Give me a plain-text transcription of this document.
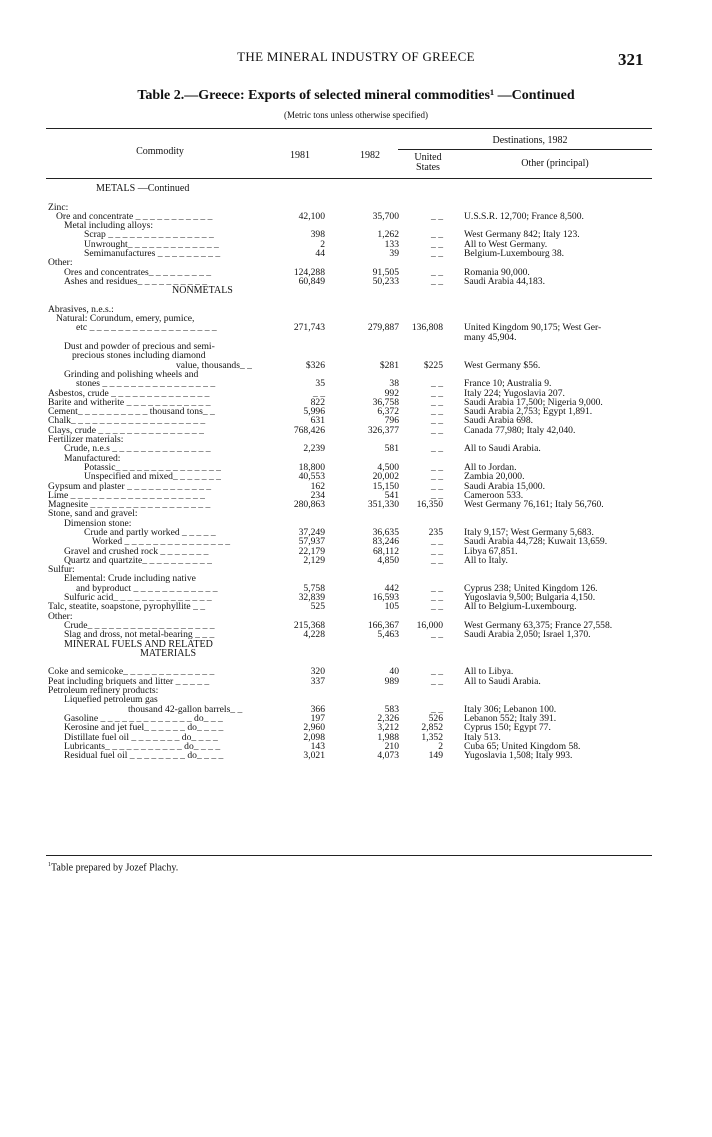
THE MINERAL INDUSTRY OF GREECE	321
Table 2.—Greece: Exports of selected mineral commodities¹ —Continued
(Metric tons unless otherwise specified)
Commodity	1981	1982
Destinations, 1982
United States	Other (principal)
METALS —Continued
Zinc:
Ore and concentrate _ _ _ _ _ _ _ _ _ _ _	42,100	35,700	_ _ U.S.S.R. 12,700; France 8,500.
Metal including alloys:
Scrap _ _ _ _ _ _ _ _ _ _ _ _ _ _ _	398	1,262	_ _ West Germany 842; Italy 123.
Unwrought_ _ _ _ _ _ _ _ _ _ _ _ _	2	133	_ _ All to West Germany.
Semimanufactures _ _ _ _ _ _ _ _ _	44	39	_ _ Belgium-Luxembourg 38.
Other:
Ores and concentrates_ _ _ _ _ _ _ _ _	124,288	91,505	_ _ Romania 90,000.
Ashes and residues_ _ _ _ _ _ _ _ _ _	60,849	50,233	_ _ Saudi Arabia 44,183.
NONMETALS
Abrasives, n.e.s.:
Natural: Corundum, emery, pumice,
etc _ _ _ _ _ _ _ _ _ _ _ _ _ _ _ _ _ _	271,743	279,887	136,808 United Kingdom 90,175; West Ger-
many 45,904.
Dust and powder of precious and semi-
precious stones including diamond
value, thousands_ _	$326	$281	$225 West Germany $56.
Grinding and polishing wheels and
stones _ _ _ _ _ _ _ _ _ _ _ _ _ _ _ _	35	38	_ _ France 10; Australia 9.
Asbestos, crude _ _ _ _ _ _ _ _ _ _ _ _ _ _	_ _	992	_ _ Italy 224; Yugoslavia 207.
Barite and witherite _ _ _ _ _ _ _ _ _ _ _ _	822	36,758	_ _ Saudi Arabia 17,500; Nigeria 9,000.
Cement_ _ _ _ _ _ _ _ _ _ thousand tons_ _	5,996	6,372	_ _ Saudi Arabia 2,753; Egypt 1,891.
Chalk_ _ _ _ _ _ _ _ _ _ _ _ _ _ _ _ _ _ _	631	796	_ _ Saudi Arabia 698.
Clays, crude _ _ _ _ _ _ _ _ _ _ _ _ _ _ _	768,426	326,377	_ _ Canada 77,980; Italy 42,040.
Fertilizer materials:
Crude, n.e.s _ _ _ _ _ _ _ _ _ _ _ _ _ _	2,239	581	_ _ All to Saudi Arabia.
Manufactured:
Potassic_ _ _ _ _ _ _ _ _ _ _ _ _ _ _	18,800	4,500	_ _ All to Jordan.
Unspecified and mixed_ _ _ _ _ _ _	40,553	20,002	_ _ Zambia 20,000.
Gypsum and plaster _ _ _ _ _ _ _ _ _ _ _ _	162	15,150	_ _ Saudi Arabia 15,000.
Lime _ _ _ _ _ _ _ _ _ _ _ _ _ _ _ _ _ _ _	234	541	_ _ Cameroon 533.
Magnesite _ _ _ _ _ _ _ _ _ _ _ _ _ _ _ _ _	280,863	351,330	16,350 West Germany 76,161; Italy 56,760.
Stone, sand and gravel:
Dimension stone:
Crude and partly worked _ _ _ _ _	37,249	36,635	235 Italy 9,157; West Germany 5,683.
Worked _ _ _ _ _ _ _ _ _ _ _ _ _ _ _	57,937	83,246	_ _ Saudi Arabia 44,728; Kuwait 13,659.
Gravel and crushed rock _ _ _ _ _ _ _	22,179	68,112	_ _ Libya 67,851.
Quartz and quartzite_ _ _ _ _ _ _ _ _ _	2,129	4,850	_ _ All to Italy.
Sulfur:
Elemental: Crude including native
and byproduct _ _ _ _ _ _ _ _ _ _ _ _	5,758	442	_ _ Cyprus 238; United Kingdom 126.
Sulfuric acid_ _ _ _ _ _ _ _ _ _ _ _ _ _	32,839	16,593	_ _ Yugoslavia 9,500; Bulgaria 4,150.
Talc, steatite, soapstone, pyrophyllite _ _	525	105	_ _ All to Belgium-Luxembourg.
Other:
Crude_ _ _ _ _ _ _ _ _ _ _ _ _ _ _ _ _ _	215,368	166,367	16,000 West Germany 63,375; France 27,558.
Slag and dross, not metal-bearing _ _ _	4,228	5,463	_ _ Saudi Arabia 2,050; Israel 1,370.
MINERAL FUELS AND RELATED
MATERIALS
Coke and semicoke_ _ _ _ _ _ _ _ _ _ _ _ _	320	40	_ _ All to Libya.
Peat including briquets and litter _ _ _ _ _	337	989	_ _ All to Saudi Arabia.
Petroleum refinery products:
Liquefied petroleum gas
thousand 42-gallon barrels_ _	366	583	_ _ Italy 306; Lebanon 100.
Gasoline _ _ _ _ _ _ _ _ _ _ _ _ _ do_ _ _	197	2,326	526 Lebanon 552; Italy 391.
Kerosine and jet fuel_ _ _ _ _ _ do_ _ _ _	2,960	3,212	2,852 Cyprus 150; Egypt 77.
Distillate fuel oil _ _ _ _ _ _ _ do_ _ _ _	2,098	1,988	1,352 Italy 513.
Lubricants_ _ _ _ _ _ _ _ _ _ _ do_ _ _ _	143	210	2 Cuba 65; United Kingdom 58.
Residual fuel oil _ _ _ _ _ _ _ _ do_ _ _ _	3,021	4,073	149 Yugoslavia 1,508; Italy 993.
$^1$Table prepared by Jozef Plachy.
